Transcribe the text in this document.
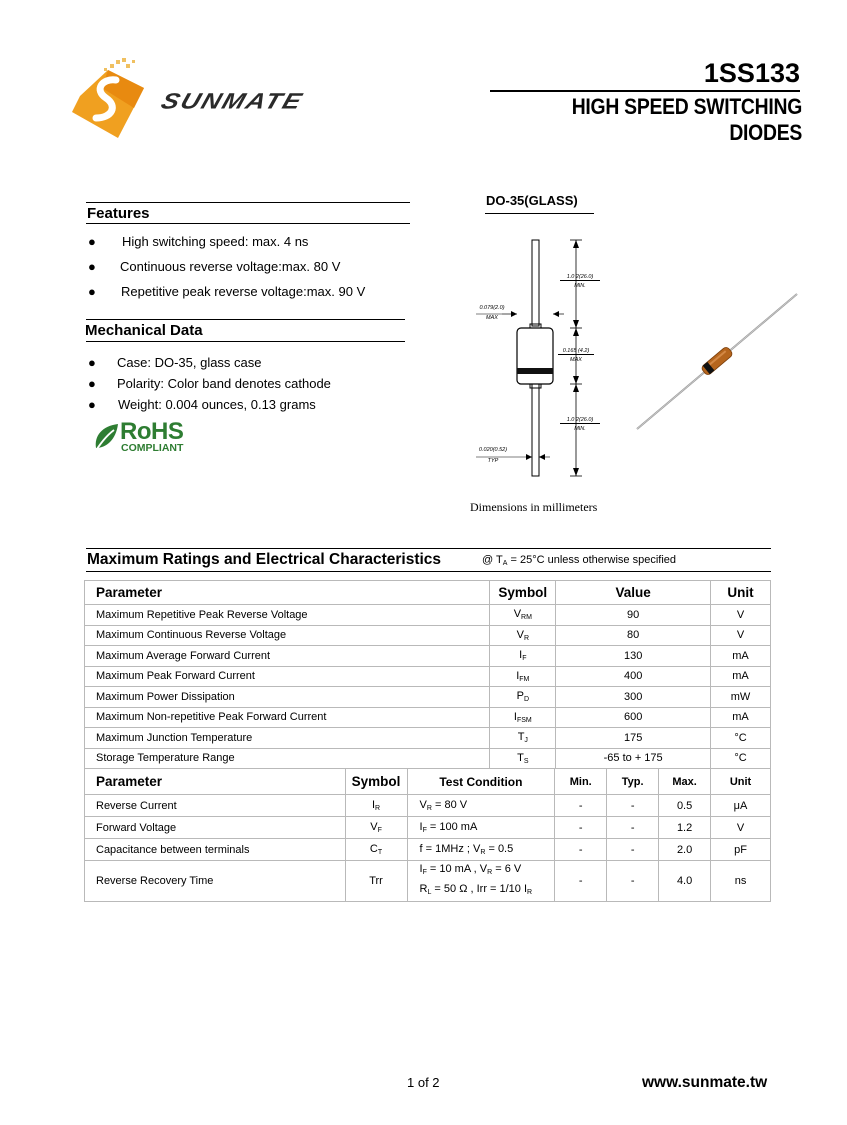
SUNMATE
1SS133
HIGH SPEED SWITCHING DIODES
Features
● High switching speed: max. 4 ns
● Continuous reverse voltage:max. 80 V
● Repetitive peak reverse voltage:max. 90 V
Mechanical Data
● Case: DO-35, glass case
● Polarity: Color band denotes cathode
● Weight: 0.004 ounces, 0.13 grams
RoHS
COMPLIANT
DO-35(GLASS)
1.0 2(26.0)
MIN.
0.079(2.0)
MAX
0.165 (4.2)
MAX
1.0 2(26.0)
MIN.
0.020(0.52)
TYP
Dimensions in millimeters
Maximum Ratings and Electrical Characteristics	@ $T_A = 25^\circ C$ unless otherwise specified
Parameter	Symbol	Value	Unit
Maximum Repetitive Peak Reverse Voltage	$V_{RM}$	90	V
Maximum Continuous Reverse Voltage	$V_R$	80	V
Maximum Average Forward Current	$I_F$	130	mA
Maximum Peak Forward Current	$I_{FM}$	400	mA
Maximum Power Dissipation	$P_D$	300	mW
Maximum Non-repetitive Peak Forward Current	$I_{FSM}$	600	mA
Maximum Junction Temperature	$T_J$	175	°C
Storage Temperature Range	$T_S$	-65 to + 175	°C
Parameter	Symbol	Test Condition	Min.	Typ.	Max.	Unit
Reverse Current	$I_R$	$V_R = 80$ V	-	-	0.5	μA
Forward Voltage	$V_F$	$I_F = 100$ mA	-	-	1.2	V
Capacitance between terminals	$C_T$	f = 1MHz ; $V_R = 0.5$	-	-	2.0	pF
Reverse Recovery Time	Trr	$I_F = 10$ mA , $V_R = 6$ V
$R_L = 50$ Ω , Irr = 1/10 $I_R$	-	-	4.0	ns
1 of 2	www.sunmate.tw
